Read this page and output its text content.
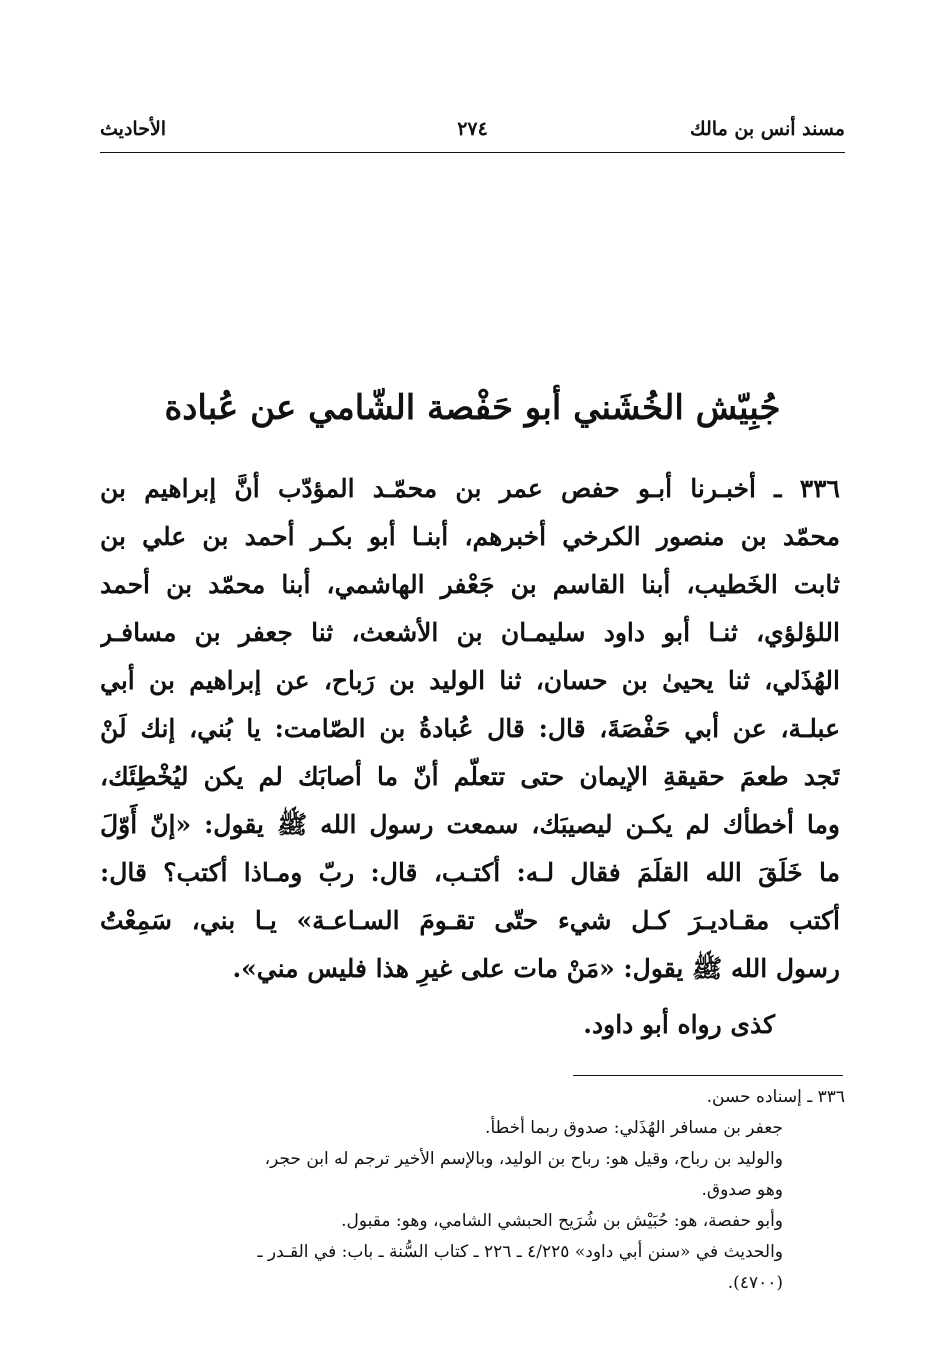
مسند أنس بن مالك
٢٧٤
الأحاديث
جُبِيّش الخُشَني أبو حَفْصة الشّامي عن عُبادة
٣٣٦ ـ أخبـرنا أبـو حفص عمر بن محمّـد المؤدّب أنَّ إبراهيم بن
محمّد بن منصور الكرخي أخبرهم، أبنـا أبو بكـر أحمد بن علي بن
ثابت الخَطيب، أبنا القاسم بن جَعْفر الهاشمي، أبنا محمّد بن أحمد
اللؤلؤي، ثنـا أبو داود سليمـان بن الأشعث، ثنا جعفر بن مسافـر
الهُذَلي، ثنا يحيىٰ بن حسان، ثنا الوليد بن رَباح، عن إبراهيم بن أبي
عبلـة، عن أبي حَفْصَةَ، قال: قال عُبادةُ بن الصّامت: يا بُني، إنك لَنْ
تَجد طعمَ حقيقةِ الإيمان حتى تتعلّم أنّ ما أصابَك لم يكن ليُخْطِئَك،
وما أخطأك لم يكـن ليصيبَك، سمعت رسول الله ﷺ يقول: «إنّ أَوّلَ
ما خَلَقَ الله القلَمَ فقال لـه: أكتـب، قال: ربّ ومـاذا أكتب؟ قال:
أكتب مقـاديـرَ كـل شيء حتّى تقـومَ السـاعـة» يـا بني، سَمِعْتُ
رسول الله ﷺ يقول: «مَنْ مات على غيرِ هذا فليس مني».
كذى رواه أبو داود.
٣٣٦ ـ إسناده حسن.
جعفر بن مسافر الهُذَلي: صدوق ربما أخطأ.
والوليد بن رباح، وقيل هو: رباح بن الوليد، وبالإسم الأخير ترجم له ابن حجر،
وهو صدوق.
وأبو حفصة، هو: حُبَيْش بن شُرَيح الحبشي الشامي، وهو: مقبول.
والحديث في «سنن أبي داود» ٤/٢٢٥ ـ ٢٢٦ ـ كتاب السُّنة ـ باب: في القـدر ـ
(٤٧٠٠).
